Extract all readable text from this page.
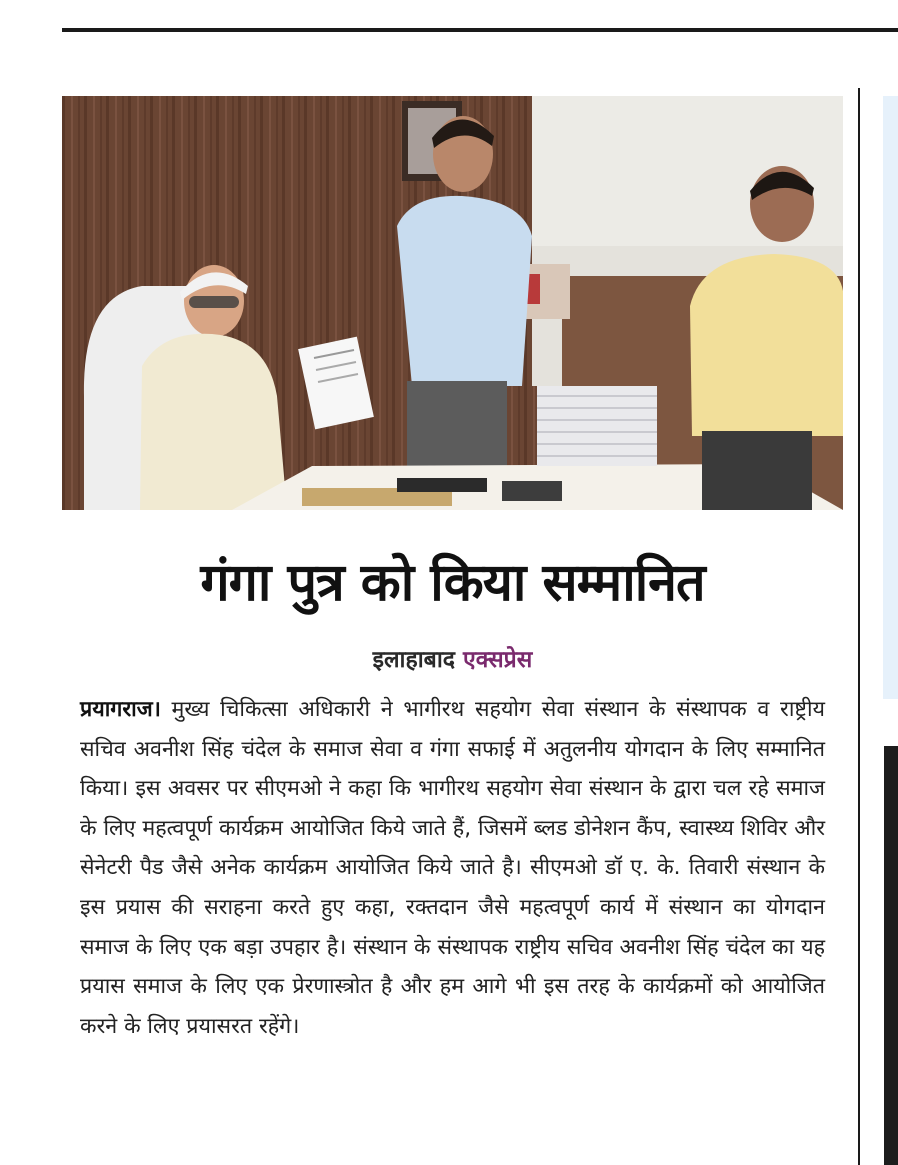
गंगा पुत्र को किया सम्मानित
इलाहाबाद एक्सप्रेस
प्रयागराज। मुख्य चिकित्सा अधिकारी ने भागीरथ सहयोग सेवा संस्थान के संस्थापक व राष्ट्रीय सचिव अवनीश सिंह चंदेल के समाज सेवा व गंगा सफाई में अतुलनीय योगदान के लिए सम्मानित किया। इस अवसर पर सीएमओ ने कहा कि भागीरथ सहयोग सेवा संस्थान के द्वारा चल रहे समाज के लिए महत्वपूर्ण कार्यक्रम आयोजित किये जाते हैं, जिसमें ब्लड डोनेशन कैंप, स्वास्थ्य शिविर और सेनेटरी पैड जैसे अनेक कार्यक्रम आयोजित किये जाते है। सीएमओ डॉ ए. के. तिवारी संस्थान के इस प्रयास की सराहना करते हुए कहा, रक्तदान जैसे महत्वपूर्ण कार्य में संस्थान का योगदान समाज के लिए एक बड़ा उपहार है। संस्थान के संस्थापक राष्ट्रीय सचिव अवनीश सिंह चंदेल का यह प्रयास समाज के लिए एक प्रेरणास्त्रोत है और हम आगे भी इस तरह के कार्यक्रमों को आयोजित करने के लिए प्रयासरत रहेंगे।
